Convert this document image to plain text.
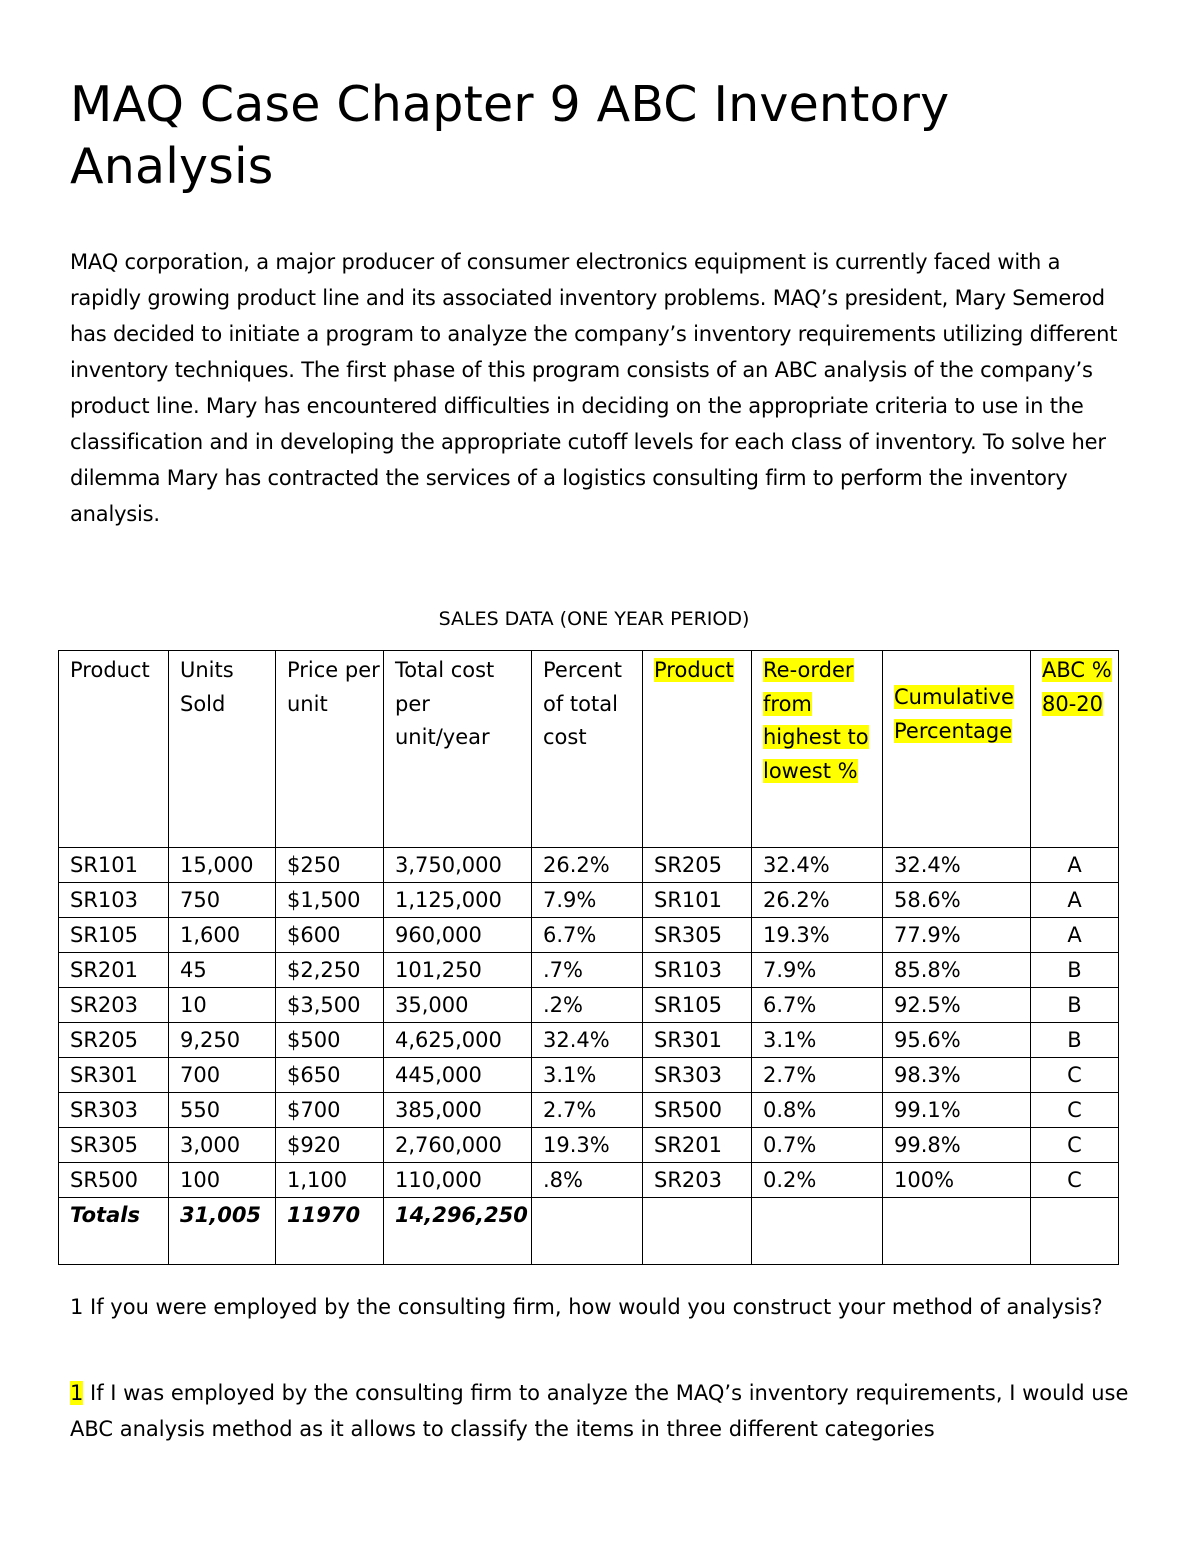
MAQ Case Chapter 9 ABC Inventory Analysis

MAQ corporation, a major producer of consumer electronics equipment is currently faced with a rapidly growing product line and its associated inventory problems. MAQ’s president, Mary Semerod has decided to initiate a program to analyze the company’s inventory requirements utilizing different inventory techniques. The first phase of this program consists of an ABC analysis of the company’s product line. Mary has encountered difficulties in deciding on the appropriate criteria to use in the classification and in developing the appropriate cutoff levels for each class of inventory. To solve her dilemma Mary has contracted the services of a logistics consulting firm to perform the inventory analysis.

SALES DATA (ONE YEAR PERIOD)

Product	Units Sold	Price per unit	Total cost per unit/year	Percent of total cost	Product	Re-order from highest to lowest %	Cumulative Percentage	ABC % 80-20
SR101	15,000	$250	3,750,000	26.2%	SR205	32.4%	32.4%	A
SR103	750	$1,500	1,125,000	7.9%	SR101	26.2%	58.6%	A
SR105	1,600	$600	960,000	6.7%	SR305	19.3%	77.9%	A
SR201	45	$2,250	101,250	.7%	SR103	7.9%	85.8%	B
SR203	10	$3,500	35,000	.2%	SR105	6.7%	92.5%	B
SR205	9,250	$500	4,625,000	32.4%	SR301	3.1%	95.6%	B
SR301	700	$650	445,000	3.1%	SR303	2.7%	98.3%	C
SR303	550	$700	385,000	2.7%	SR500	0.8%	99.1%	C
SR305	3,000	$920	2,760,000	19.3%	SR201	0.7%	99.8%	C
SR500	100	1,100	110,000	.8%	SR203	0.2%	100%	C
Totals	31,005	11970	14,296,250					

1 If you were employed by the consulting firm, how would you construct your method of analysis?

1 If I was employed by the consulting firm to analyze the MAQ’s inventory requirements, I would use ABC analysis method as it allows to classify the items in three different categories
